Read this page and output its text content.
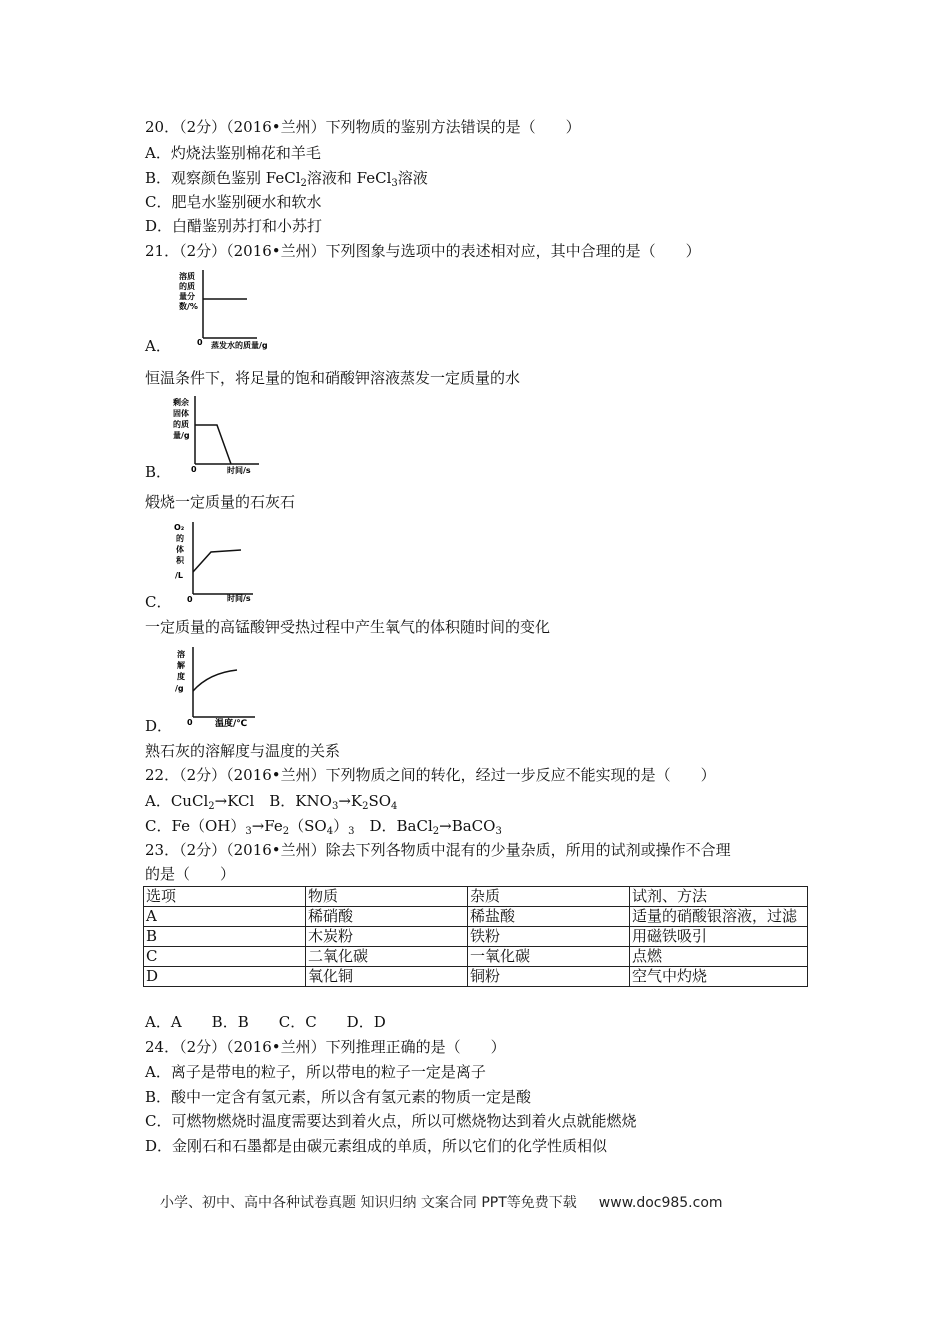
20．（2分）（2016•兰州）下列物质的鉴别方法错误的是（　　）
A．灼烧法鉴别棉花和羊毛
B．观察颜色鉴别 FeCl$_2$溶液和 FeCl$_3$溶液
C．肥皂水鉴别硬水和软水
D．白醋鉴别苏打和小苏打
21．（2分）（2016•兰州）下列图象与选项中的表述相对应，其中合理的是（　　）
溶质
的质
量分
数/%
0 蒸发水的质量/g
A．
恒温条件下，将足量的饱和硝酸钾溶液蒸发一定质量的水
剩余
固体
的质
量/g
0	时间/s
B．
煅烧一定质量的石灰石
O₂
的
体
积
/L
0	时间/s
C．
一定质量的高锰酸钾受热过程中产生氧气的体积随时间的变化
溶
解
度
/g
0 温度/℃
D．
熟石灰的溶解度与温度的关系
22．（2分）（2016•兰州）下列物质之间的转化，经过一步反应不能实现的是（　　）
A．CuCl$_2$→KCl　B．$KNO_3\to K_2SO_4$
C．$Fe(OH)_3\to Fe_2(SO_4)_3$　D．BaCl$_2$→BaCO$_3$
23．（2分）（2016•兰州）除去下列各物质中混有的少量杂质，所用的试剂或操作不合理
的是（　　）
选项	物质	杂质	试剂、方法
A	稀硝酸	稀盐酸	适量的硝酸银溶液，过滤
B	木炭粉	铁粉	用磁铁吸引
C	二氧化碳	一氧化碳	点燃
D	氧化铜	铜粉	空气中灼烧
A．A　　B．B　　C．C　　D．D
24．（2分）（2016•兰州）下列推理正确的是（　　）
A．离子是带电的粒子，所以带电的粒子一定是离子
B．酸中一定含有氢元素，所以含有氢元素的物质一定是酸
C．可燃物燃烧时温度需要达到着火点，所以可燃烧物达到着火点就能燃烧
D．金刚石和石墨都是由碳元素组成的单质，所以它们的化学性质相似
小学、初中、高中各种试卷真题 知识归纳 文案合同 PPT等免费下载 www.doc985.com
